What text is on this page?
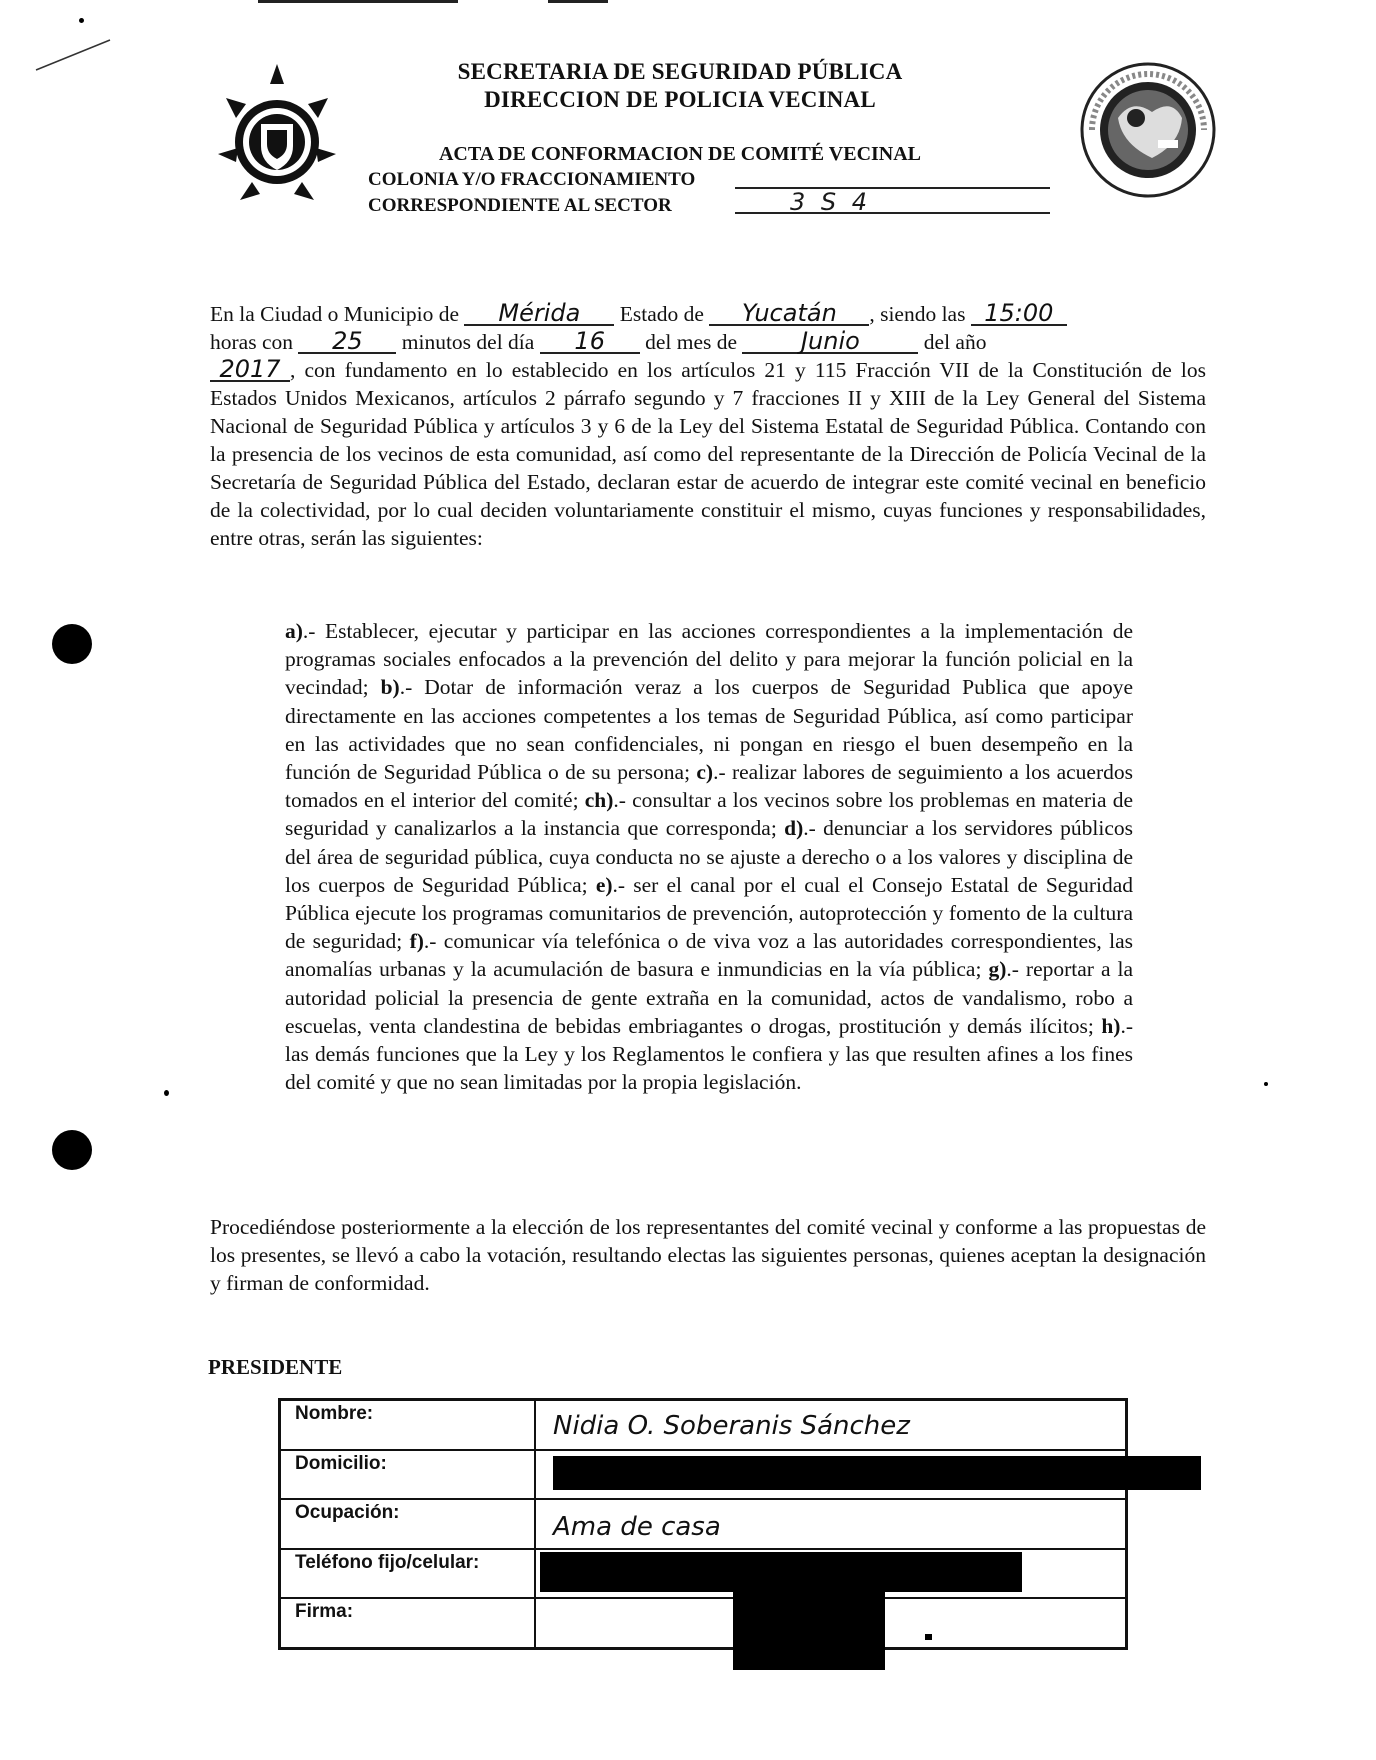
SECRETARIA DE SEGURIDAD PÚBLICA
DIRECCION DE POLICIA VECINAL
ACTA DE CONFORMACION DE COMITÉ VECINAL
COLONIA Y/O FRACCIONAMIENTO
CORRESPONDIENTE AL SECTOR	3 S 4
En la Ciudad o Municipio de Mérida Estado de Yucatán , siendo las 15:00
horas con 25 minutos del día 16 del mes de	Junio	del año
2017 , con fundamento en lo establecido en los artículos 21 y 115 Fracción VII de la Constitución de los Estados Unidos Mexicanos, artículos 2 párrafo segundo y 7 fracciones II y XIII de la Ley General del Sistema Nacional de Seguridad Pública y artículos 3 y 6 de la Ley del Sistema Estatal de Seguridad Pública. Contando con la presencia de los vecinos de esta comunidad, así como del representante de la Dirección de Policía Vecinal de la Secretaría de Seguridad Pública del Estado, declaran estar de acuerdo de integrar este comité vecinal en beneficio de la colectividad, por lo cual deciden voluntariamente constituir el mismo, cuyas funciones y responsabilidades, entre otras, serán las siguientes:
a).- Establecer, ejecutar y participar en las acciones correspondientes a la implementación de programas sociales enfocados a la prevención del delito y para mejorar la función policial en la vecindad; b).- Dotar de información veraz a los cuerpos de Seguridad Publica que apoye directamente en las acciones competentes a los temas de Seguridad Pública, así como participar en las actividades que no sean confidenciales, ni pongan en riesgo el buen desempeño en la función de Seguridad Pública o de su persona; c).- realizar labores de seguimiento a los acuerdos tomados en el interior del comité; ch).- consultar a los vecinos sobre los problemas en materia de seguridad y canalizarlos a la instancia que corresponda; d).- denunciar a los servidores públicos del área de seguridad pública, cuya conducta no se ajuste a derecho o a los valores y disciplina de los cuerpos de Seguridad Pública; e).- ser el canal por el cual el Consejo Estatal de Seguridad Pública ejecute los programas comunitarios de prevención, autoprotección y fomento de la cultura de seguridad; f).- comunicar vía telefónica o de viva voz a las autoridades correspondientes, las anomalías urbanas y la acumulación de basura e inmundicias en la vía pública; g).- reportar a la autoridad policial la presencia de gente extraña en la comunidad, actos de vandalismo, robo a escuelas, venta clandestina de bebidas embriagantes o drogas, prostitución y demás ilícitos; h).- las demás funciones que la Ley y los Reglamentos le confiera y las que resulten afines a los fines del comité y que no sean limitadas por la propia legislación.
Procediéndose posteriormente a la elección de los representantes del comité vecinal y conforme a las propuestas de los presentes, se llevó a cabo la votación, resultando electas las siguientes personas, quienes aceptan la designación y firman de conformidad.
PRESIDENTE
Nombre:	Nidia O. Soberanis Sánchez
Domicilio:
Ocupación:	Ama de casa
Teléfono fijo/celular:
Firma:
